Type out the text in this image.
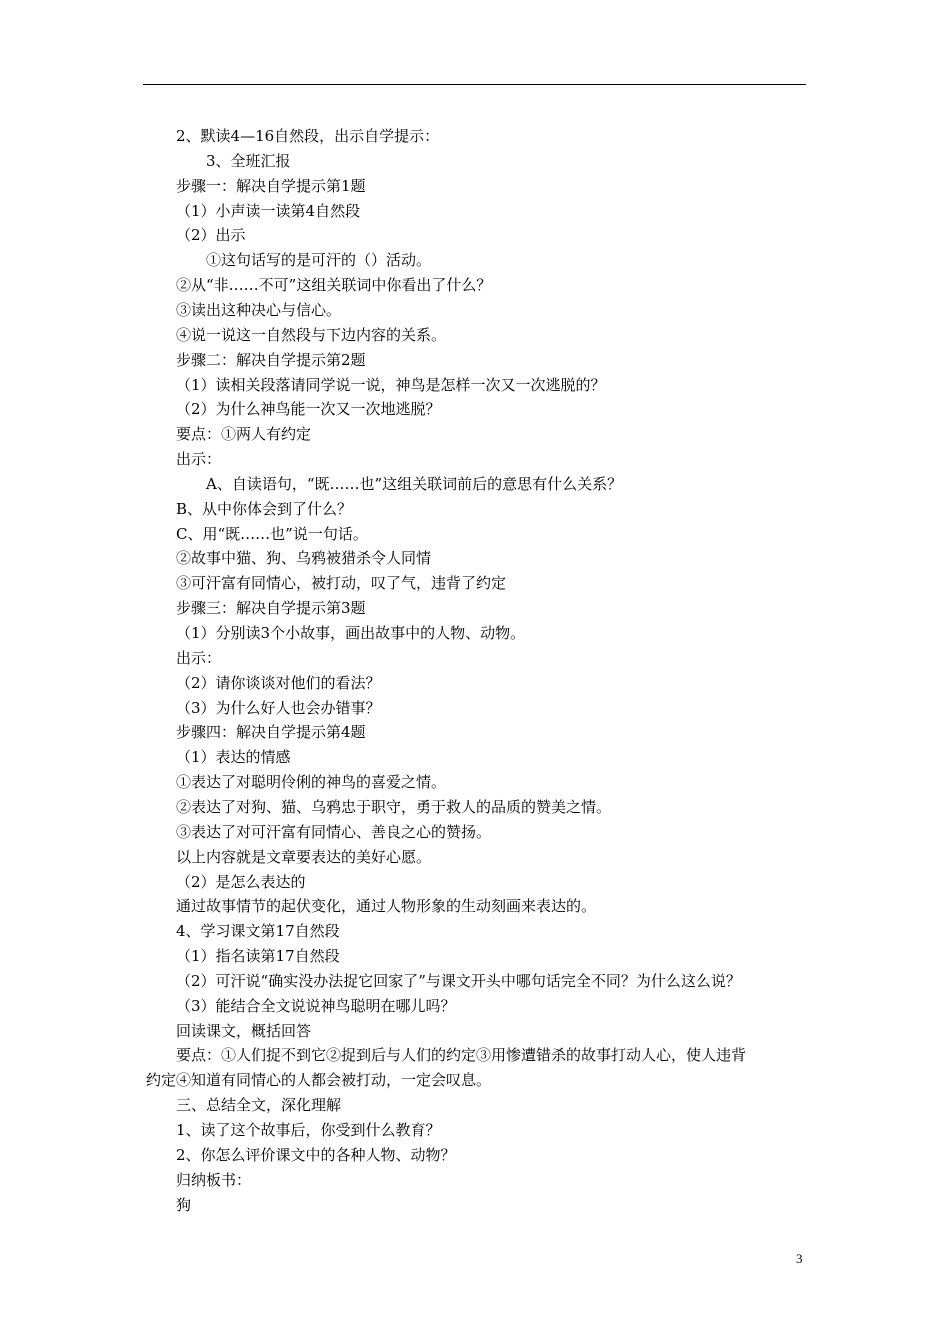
2、默读4—16自然段，出示自学提示：
3、全班汇报
步骤一：解决自学提示第1题
（1）小声读一读第4自然段
（2）出示
①这句话写的是可汗的（）活动。
②从“非……不可”这组关联词中你看出了什么？
③读出这种决心与信心。
④说一说这一自然段与下边内容的关系。
步骤二：解决自学提示第2题
（1）读相关段落请同学说一说，神鸟是怎样一次又一次逃脱的？
（2）为什么神鸟能一次又一次地逃脱？
要点：①两人有约定
出示：
A、自读语句，“既……也”这组关联词前后的意思有什么关系？
B、从中你体会到了什么？
C、用“既……也”说一句话。
②故事中猫、狗、乌鸦被猎杀令人同情
③可汗富有同情心，被打动，叹了气，违背了约定
步骤三：解决自学提示第3题
（1）分别读3个小故事，画出故事中的人物、动物。
出示：
（2）请你谈谈对他们的看法？
（3）为什么好人也会办错事？
步骤四：解决自学提示第4题
（1）表达的情感
①表达了对聪明伶俐的神鸟的喜爱之情。
②表达了对狗、猫、乌鸦忠于职守，勇于救人的品质的赞美之情。
③表达了对可汗富有同情心、善良之心的赞扬。
以上内容就是文章要表达的美好心愿。
（2）是怎么表达的
通过故事情节的起伏变化，通过人物形象的生动刻画来表达的。
4、学习课文第17自然段
（1）指名读第17自然段
（2）可汗说“确实没办法捉它回家了”与课文开头中哪句话完全不同？为什么这么说？
（3）能结合全文说说神鸟聪明在哪儿吗？
回读课文，概括回答
要点：①人们捉不到它②捉到后与人们的约定③用惨遭错杀的故事打动人心，使人违背
约定④知道有同情心的人都会被打动，一定会叹息。
三、总结全文，深化理解
1、读了这个故事后，你受到什么教育？
2、你怎么评价课文中的各种人物、动物？
归纳板书：
狗
3
